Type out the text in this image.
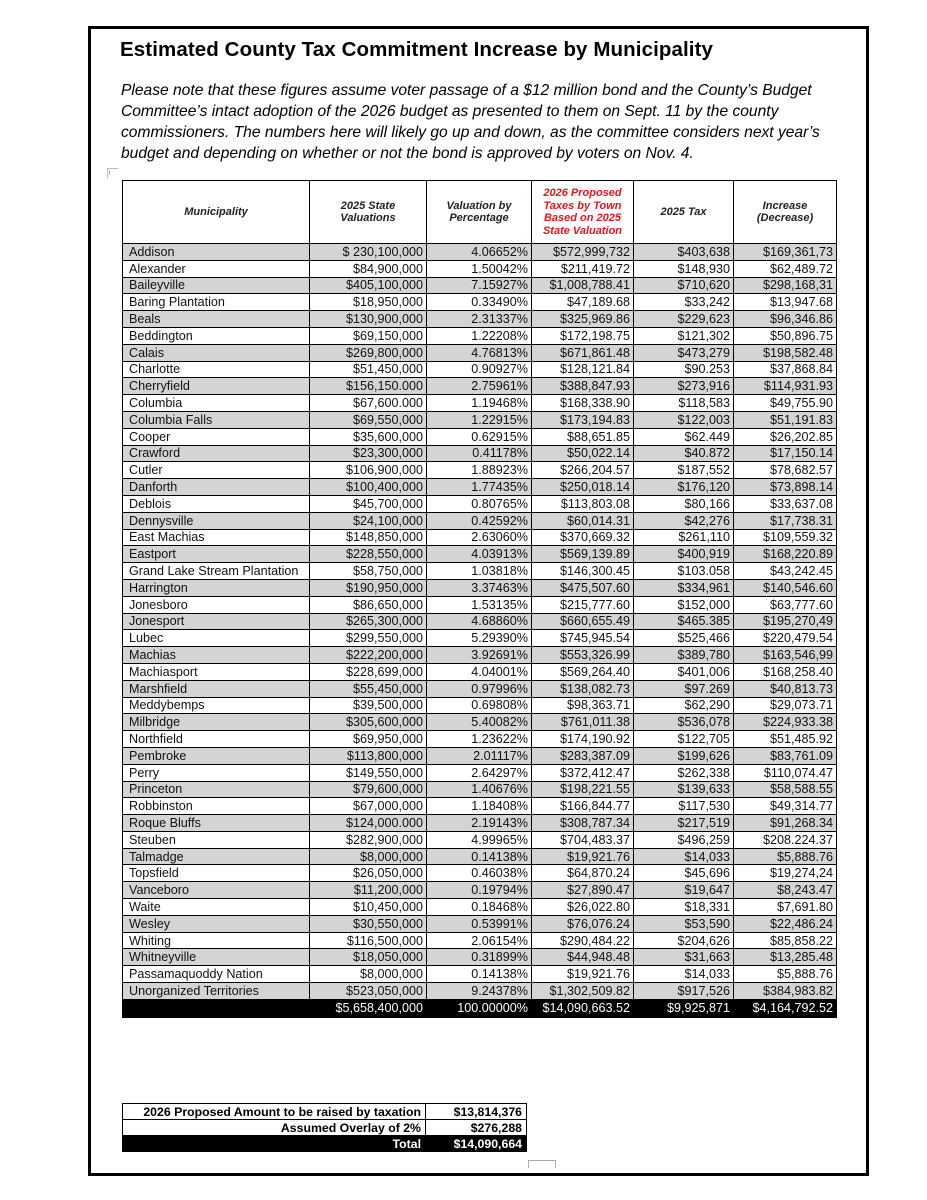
Estimated County Tax Commitment Increase by Municipality
Please note that these figures assume voter passage of a $12 million bond and the County’s Budget Committee’s intact adoption of the 2026 budget as presented to them on Sept. 11 by the county commissioners. The numbers here will likely go up and down, as the committee considers next year’s budget and depending on whether or not the bond is approved by voters on Nov. 4.
Municipality	2025 State Valuations	Valuation by Percentage	2026 Proposed Taxes by Town Based on 2025 State Valuation	2025 Tax	Increase (Decrease)
Addison	$ 230,100,000	4.06652%	$572,999,732	$403,638	$169,361,73
Alexander	$84,900,000	1.50042%	$211,419.72	$148,930	$62,489.72
Baileyville	$405,100,000	7.15927%	$1,008,788.41	$710,620	$298,168,31
Baring Plantation	$18,950,000	0.33490%	$47,189.68	$33,242	$13,947.68
Beals	$130,900,000	2.31337%	$325,969.86	$229,623	$96,346.86
Beddington	$69,150,000	1.22208%	$172,198.75	$121,302	$50,896.75
Calais	$269,800,000	4.76813%	$671,861.48	$473,279	$198,582.48
Charlotte	$51,450,000	0.90927%	$128,121.84	$90.253	$37,868.84
Cherryfield	$156,150.000	2.75961%	$388,847.93	$273,916	$114,931.93
Columbia	$67,600.000	1.19468%	$168,338.90	$118,583	$49,755.90
Columbia Falls	$69,550,000	1.22915%	$173,194.83	$122,003	$51,191.83
Cooper	$35,600,000	0.62915%	$88,651.85	$62.449	$26,202.85
Crawford	$23,300,000	0.41178%	$50,022.14	$40.872	$17,150.14
Cutler	$106,900,000	1.88923%	$266,204.57	$187,552	$78,682.57
Danforth	$100,400,000	1.77435%	$250,018.14	$176,120	$73,898.14
Deblois	$45,700,000	0.80765%	$113,803.08	$80,166	$33,637.08
Dennysville	$24,100,000	0.42592%	$60,014.31	$42,276	$17,738.31
East Machias	$148,850,000	2.63060%	$370,669.32	$261,110	$109,559.32
Eastport	$228,550,000	4.03913%	$569,139.89	$400,919	$168,220.89
Grand Lake Stream Plantation	$58,750,000	1.03818%	$146,300.45	$103.058	$43,242.45
Harrington	$190,950,000	3.37463%	$475,507.60	$334,961	$140,546.60
Jonesboro	$86,650,000	1.53135%	$215,777.60	$152,000	$63,777.60
Jonesport	$265,300,000	4.68860%	$660,655.49	$465.385	$195,270,49
Lubec	$299,550,000	5.29390%	$745,945.54	$525,466	$220,479.54
Machias	$222,200,000	3.92691%	$553,326.99	$389,780	$163,546,99
Machiasport	$228,699,000	4.04001%	$569,264.40	$401,006	$168,258.40
Marshfield	$55,450,000	0.97996%	$138,082.73	$97.269	$40,813.73
Meddybemps	$39,500,000	0.69808%	$98,363.71	$62,290	$29,073.71
Milbridge	$305,600,000	5.40082%	$761,011.38	$536,078	$224,933.38
Northfield	$69,950,000	1.23622%	$174,190.92	$122,705	$51,485.92
Pembroke	$113,800,000	2.01117%	$283,387.09	$199,626	$83,761.09
Perry	$149,550,000	2.64297%	$372,412.47	$262,338	$110,074.47
Princeton	$79,600,000	1.40676%	$198,221.55	$139,633	$58,588.55
Robbinston	$67,000,000	1.18408%	$166,844.77	$117,530	$49,314.77
Roque Bluffs	$124,000.000	2.19143%	$308,787.34	$217,519	$91,268.34
Steuben	$282,900,000	4.99965%	$704,483.37	$496,259	$208.224.37
Talmadge	$8,000,000	0.14138%	$19,921.76	$14,033	$5,888.76
Topsfield	$26,050,000	0.46038%	$64,870.24	$45,696	$19,274,24
Vanceboro	$11,200,000	0.19794%	$27,890.47	$19,647	$8,243.47
Waite	$10,450,000	0.18468%	$26,022.80	$18,331	$7,691.80
Wesley	$30,550,000	0.53991%	$76,076.24	$53,590	$22,486.24
Whiting	$116,500,000	2.06154%	$290,484.22	$204,626	$85,858.22
Whitneyville	$18,050,000	0.31899%	$44,948.48	$31,663	$13,285.48
Passamaquoddy Nation	$8,000,000	0.14138%	$19,921.76	$14,033	$5,888.76
Unorganized Territories	$523,050,000	9.24378%	$1,302,509.82	$917,526	$384,983.82
	$5,658,400,000	100.00000%	$14,090,663.52	$9,925,871	$4,164,792.52
2026 Proposed Amount to be raised by taxation	$13,814,376
Assumed Overlay of 2%	$276,288
Total	$14,090,664
